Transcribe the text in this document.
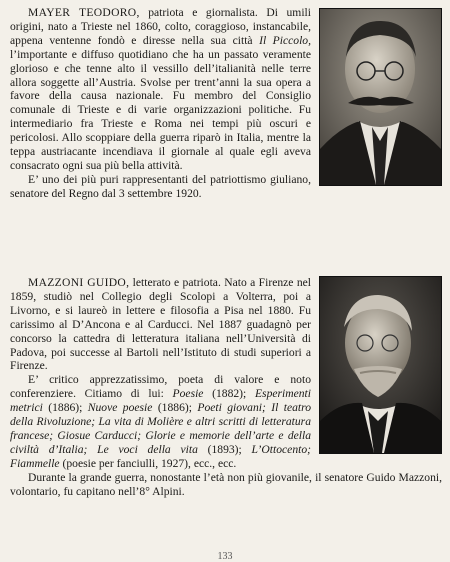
MAYER TEODORO, patriota e giornalista. Di umili origini, nato a Trieste nel 1860, colto, coraggioso, instancabile, appena ventenne fondò e diresse nella sua città Il Piccolo, l’importante e diffuso quotidiano che ha un passato veramente glorioso e che tenne alto il vessillo dell’italianità nelle terre allora soggette all’Austria. Svolse per trent’anni la sua opera a favore della causa nazionale. Fu membro del Consiglio comunale di Trieste e di varie organizzazioni politiche. Fu intermediario fra Trieste e Roma nei tempi più oscuri e pericolosi. Allo scoppiare della guerra riparò in Italia, mentre la teppa austriacante incendiava il giornale al quale egli aveva consacrato ogni sua più bella attività.

E’ uno dei più puri rappresentanti del patriottismo giuliano, senatore del Regno dal 3 settembre 1920.

MAZZONI GUIDO, letterato e patriota. Nato a Firenze nel 1859, studiò nel Collegio degli Scolopi a Volterra, poi a Livorno, e si laureò in lettere e filosofia a Pisa nel 1880. Fu carissimo al D’Ancona e al Carducci. Nel 1887 guadagnò per concorso la cattedra di letteratura italiana nell’Università di Padova, poi successe al Bartoli nell’Istituto di studi superiori a Firenze.

E’ critico apprezzatissimo, poeta di valore e noto conferenziere. Citiamo di lui: Poesie (1882); Esperimenti metrici (1886); Nuove poesie (1886); Poeti giovani; Il teatro della Rivoluzione; La vita di Molière e altri scritti di letteratura francese; Giosue Carducci; Glorie e memorie dell’arte e della civiltà d’Italia; Le voci della vita (1893); L’Ottocento; Fiammelle (poesie per fanciulli, 1927), ecc., ecc.

Durante la grande guerra, nonostante l’età non più giovanile, il senatore Guido Mazzoni, volontario, fu capitano nell’8° Alpini.

133
